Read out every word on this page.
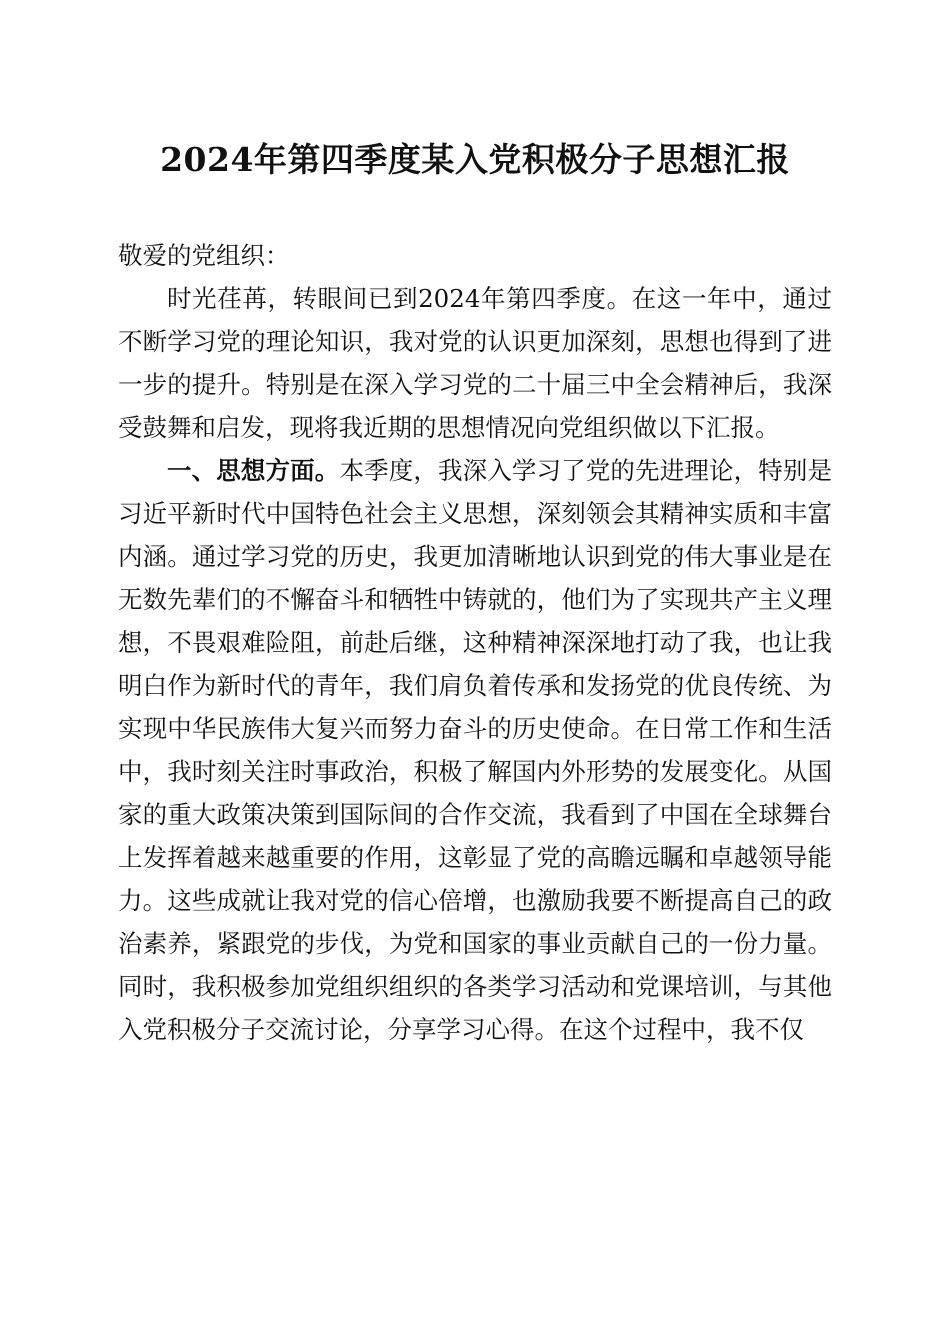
2024年第四季度某入党积极分子思想汇报

敬爱的党组织：

时光荏苒，转眼间已到2024年第四季度。在这一年中，通过不断学习党的理论知识，我对党的认识更加深刻，思想也得到了进一步的提升。特别是在深入学习党的二十届三中全会精神后，我深受鼓舞和启发，现将我近期的思想情况向党组织做以下汇报。

一、思想方面。本季度，我深入学习了党的先进理论，特别是习近平新时代中国特色社会主义思想，深刻领会其精神实质和丰富内涵。通过学习党的历史，我更加清晰地认识到党的伟大事业是在无数先辈们的不懈奋斗和牺牲中铸就的，他们为了实现共产主义理想，不畏艰难险阻，前赴后继，这种精神深深地打动了我，也让我明白作为新时代的青年，我们肩负着传承和发扬党的优良传统、为实现中华民族伟大复兴而努力奋斗的历史使命。在日常工作和生活中，我时刻关注时事政治，积极了解国内外形势的发展变化。从国家的重大政策决策到国际间的合作交流，我看到了中国在全球舞台上发挥着越来越重要的作用，这彰显了党的高瞻远瞩和卓越领导能力。这些成就让我对党的信心倍增，也激励我要不断提高自己的政治素养，紧跟党的步伐，为党和国家的事业贡献自己的一份力量。同时，我积极参加党组织组织的各类学习活动和党课培训，与其他入党积极分子交流讨论，分享学习心得。在这个过程中，我不仅
